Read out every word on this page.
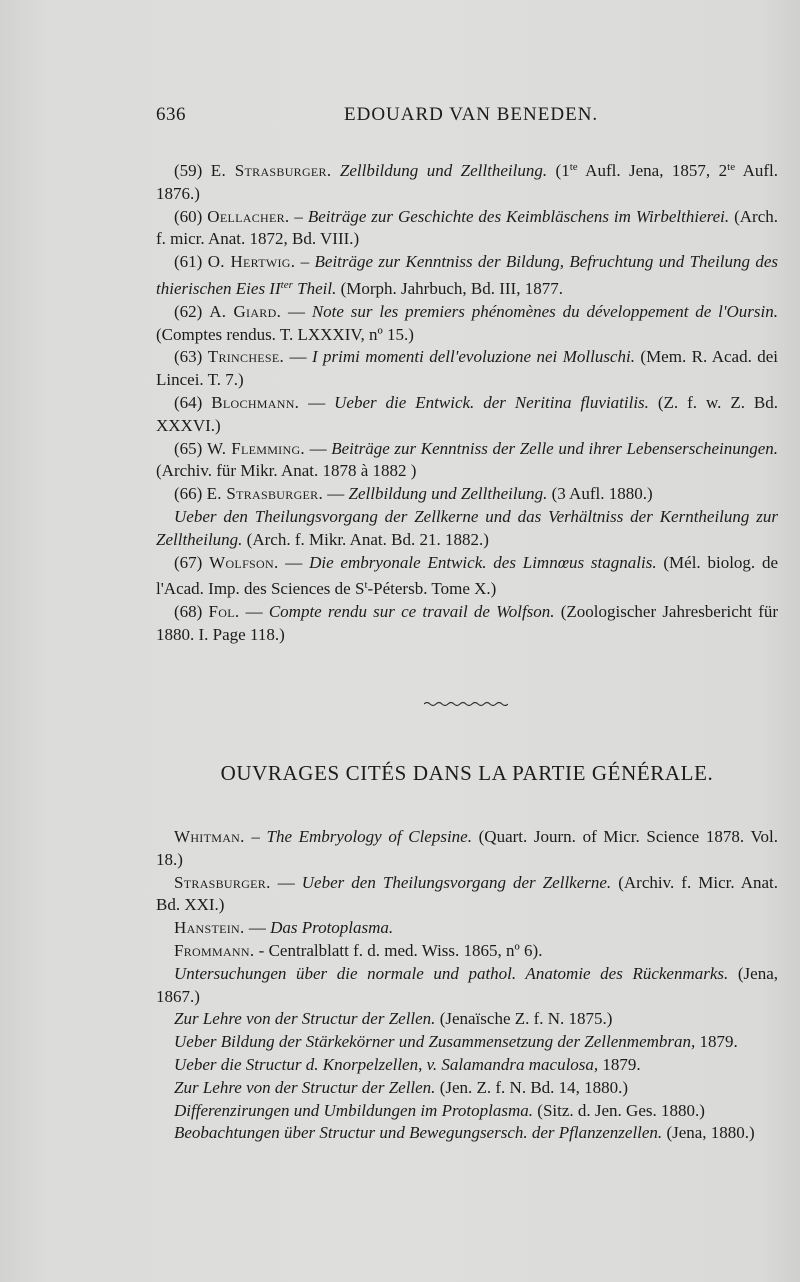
636	EDOUARD VAN BENEDEN.

(59) E. Strasburger. Zellbildung und Zelltheilung. ($1^{te}$ Aufl. Jena, 1857, $2^{te}$ Aufl. 1876.)

(60) Oellacher. – Beiträge zur Geschichte des Keimbläschens im Wirbelthierei. (Arch. f. micr. Anat. 1872, Bd. VIII.)

(61) O. Hertwig. – Beiträge zur Kenntniss der Bildung, Befruchtung und Theilung des thierischen Eies $II^{ter}$ Theil. (Morph. Jahrbuch, Bd. III, 1877.

(62) A. Giard. — Note sur les premiers phénomènes du développement de l'Oursin. (Comptes rendus. T. LXXXIV, nº 15.)

(63) Trinchese. — I primi momenti dell'evoluzione nei Molluschi. (Mem. R. Acad. dei Lincei. T. 7.)

(64) Blochmann. — Ueber die Entwick. der Neritina fluviatilis. (Z. f. w. Z. Bd. XXXVI.)

(65) W. Flemming. — Beiträge zur Kenntniss der Zelle und ihrer Lebenserscheinungen. (Archiv. für Mikr. Anat. 1878 à 1882 )

(66) E. Strasburger. — Zellbildung und Zelltheilung. (3 Aufl. 1880.)

Ueber den Theilungsvorgang der Zellkerne und das Verhältniss der Kerntheilung zur Zelltheilung. (Arch. f. Mikr. Anat. Bd. 21. 1882.)

(67) Wolfson. — Die embryonale Entwick. des Limnœus stagnalis. (Mél. biolog. de l'Acad. Imp. des Sciences de $S^t$-Pétersb. Tome X.)

(68) Fol. — Compte rendu sur ce travail de Wolfson. (Zoologischer Jahresbericht für 1880. I. Page 118.)

OUVRAGES CITÉS DANS LA PARTIE GÉNÉRALE.

Whitman. – The Embryology of Clepsine. (Quart. Journ. of Micr. Science 1878. Vol. 18.)

Strasburger. — Ueber den Theilungsvorgang der Zellkerne. (Archiv. f. Micr. Anat. Bd. XXI.)

Hanstein. — Das Protoplasma.

Frommann. - Centralblatt f. d. med. Wiss. 1865, nº 6).

Untersuchungen über die normale und pathol. Anatomie des Rückenmarks. (Jena, 1867.)

Zur Lehre von der Structur der Zellen. (Jenaïsche Z. f. N. 1875.)

Ueber Bildung der Stärkekörner und Zusammensetzung der Zellenmembran, 1879.

Ueber die Structur d. Knorpelzellen, v. Salamandra maculosa, 1879.

Zur Lehre von der Structur der Zellen. (Jen. Z. f. N. Bd. 14, 1880.)

Differenzirungen und Umbildungen im Protoplasma. (Sitz. d. Jen. Ges. 1880.)

Beobachtungen über Structur und Bewegungsersch. der Pflanzenzellen. (Jena, 1880.)
